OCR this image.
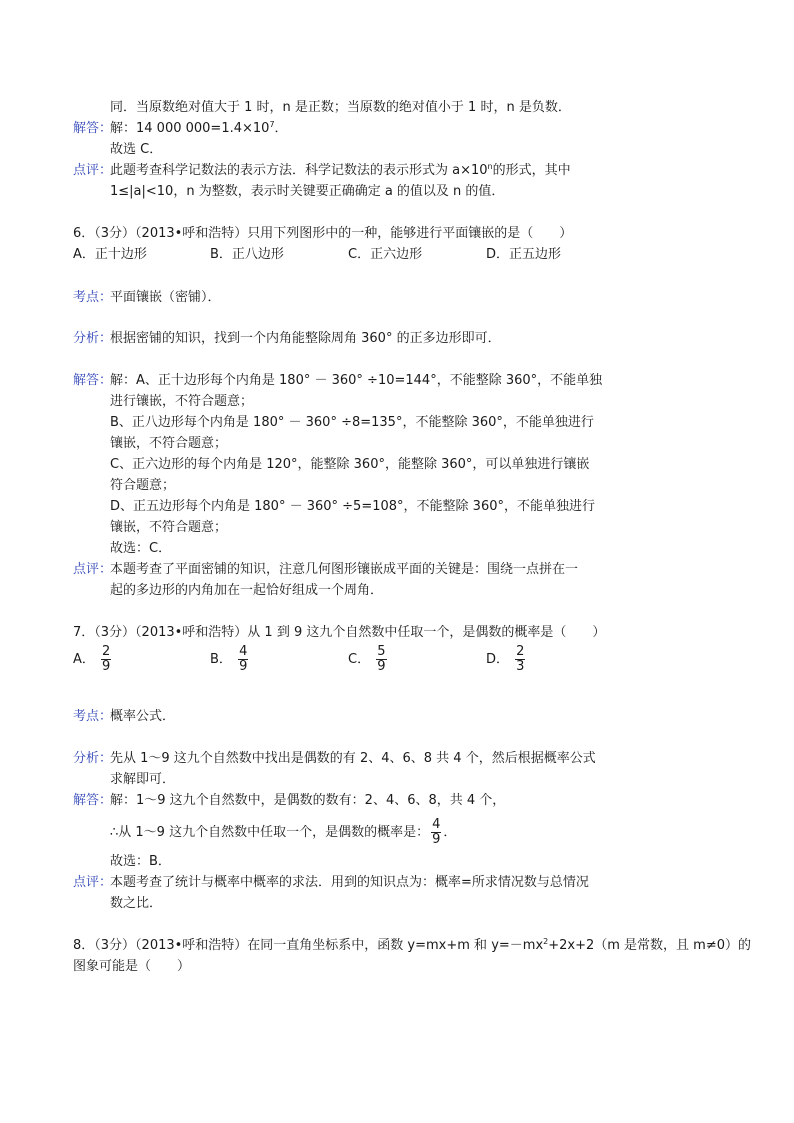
同．当原数绝对值大于 1 时，n 是正数；当原数的绝对值小于 1 时，n 是负数．
解答：
解：14 000 $000=1.4\times 10^7$．
故选 C．
点评：
此题考查科学记数法的表示方法．科学记数法的表示形式为 $a\times 10^n$的形式，其中
1≤|a|<10，n 为整数，表示时关键要正确确定 a 的值以及 n 的值．
6．（3分）（2013•呼和浩特）只用下列图形中的一种，能够进行平面镶嵌的是（　　）
A．正十边形	B．正八边形	C．正六边形	D．正五边形
考点：
平面镶嵌（密铺）．
分析：
根据密铺的知识，找到一个内角能整除周角 360° 的正多边形即可．
解答：
解：A、正十边形每个内角是 180° － 360° ÷10=144°，不能整除 360°，不能单独
进行镶嵌，不符合题意；
B、正八边形每个内角是 180° － 360° ÷8=135°，不能整除 360°，不能单独进行
镶嵌，不符合题意；
C、正六边形的每个内角是 120°，能整除 360°，能整除 360°，可以单独进行镶嵌
符合题意；
D、正五边形每个内角是 180° － 360° ÷5=108°，不能整除 360°，不能单独进行
镶嵌，不符合题意；
故选：C．
点评：
本题考查了平面密铺的知识，注意几何图形镶嵌成平面的关键是：围绕一点拼在一
起的多边形的内角加在一起恰好组成一个周角．
7．（3分）（2013•呼和浩特）从 1 到 9 这九个自然数中任取一个，是偶数的概率是（　　）
A． $\frac{2}{9}$	B． $\frac{4}{9}$	C． $\frac{5}{9}$	D． $\frac{2}{3}$
考点：
概率公式．
分析：
先从 1～9 这九个自然数中找出是偶数的有 2、4、6、8 共 4 个，然后根据概率公式
求解即可．
解答：
解：1～9 这九个自然数中，是偶数的数有：2、4、6、8，共 4 个，
∴从 1～9 这九个自然数中任取一个，是偶数的概率是： $\frac{4}{9}$ ．
故选：B．
点评：
本题考查了统计与概率中概率的求法．用到的知识点为：概率=所求情况数与总情况
数之比．
8．（3分）（2013•呼和浩特）在同一直角坐标系中，函数 y=mx+m 和 $y=-mx^2+2x+2(m$ 是常数，且 m≠0）的
图象可能是（　　）
